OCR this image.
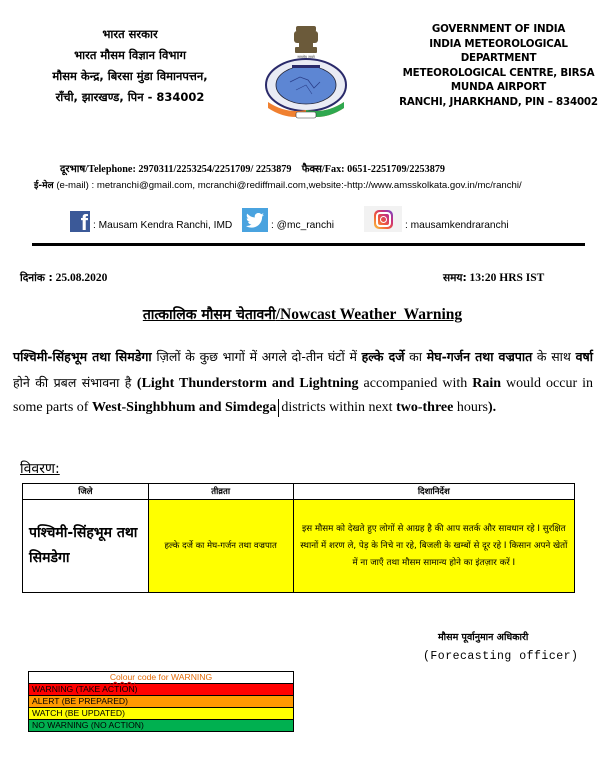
भारत सरकार
भारत मौसम विज्ञान विभाग
मौसम केन्द्र, बिरसा मुंडा विमानपत्तन,
राँची, झारखण्ड, पिन - 834002
सत्यमेव जयते
GOVERNMENT OF INDIA
INDIA METEOROLOGICAL DEPARTMENT
METEOROLOGICAL CENTRE, BIRSA MUNDA AIRPORT
RANCHI, JHARKHAND, PIN – 834002
दूरभाष/Telephone: 2970311/2253254/2251709/ 2253879 फैक्स/Fax: 0651-2251709/2253879
ई-मेल (e-mail) : metranchi@gmail.com, mcranchi@rediffmail.com,website:-http://www.amsskolkata.gov.in/mc/ranchi/
f : Mausam Kendra Ranchi, IMD	: @mc_ranchi	: mausamkendraranchi
दिनांक : 25.08.2020	समय: 13:20 HRS IST
तात्कालिक मौसम चेतावनी/Nowcast Weather  Warning
पश्चिमी-सिंहभूम तथा सिमडेगा ज़िलों के कुछ भागों में अगले दो-तीन घंटों में हल्के दर्जे का मेघ-गर्जन तथा वज्रपात के साथ वर्षा होने की प्रबल संभावना है (Light Thunderstorm and Lightning accompanied with Rain would occur in some parts of West-Singhbhum and Simdega districts within next two-three hours).
विवरण:
जिले	तीव्रता	दिशानिर्देश
पश्चिमी-सिंहभूम तथा सिमडेगा	हल्के दर्जे का मेघ-गर्जन तथा वज्रपात	इस मौसम को देखते हुए लोगों से आग्रह है की आप सतर्क और सावधान रहे I सुरक्षित स्थानों में शरण ले, पेड़ के निचे ना रहे, बिजली के खम्बों से दूर रहे I किसान अपने खेतों में ना जाएँ तथा मौसम सामान्य होने का इंतज़ार करें I
मौसम पूर्वानुमान अधिकारी
(Forecasting officer)
Colour code for WARNING
WARNING (TAKE ACTION)
ALERT (BE PREPARED)
WATCH (BE UPDATED)
NO WARNING (NO ACTION)
